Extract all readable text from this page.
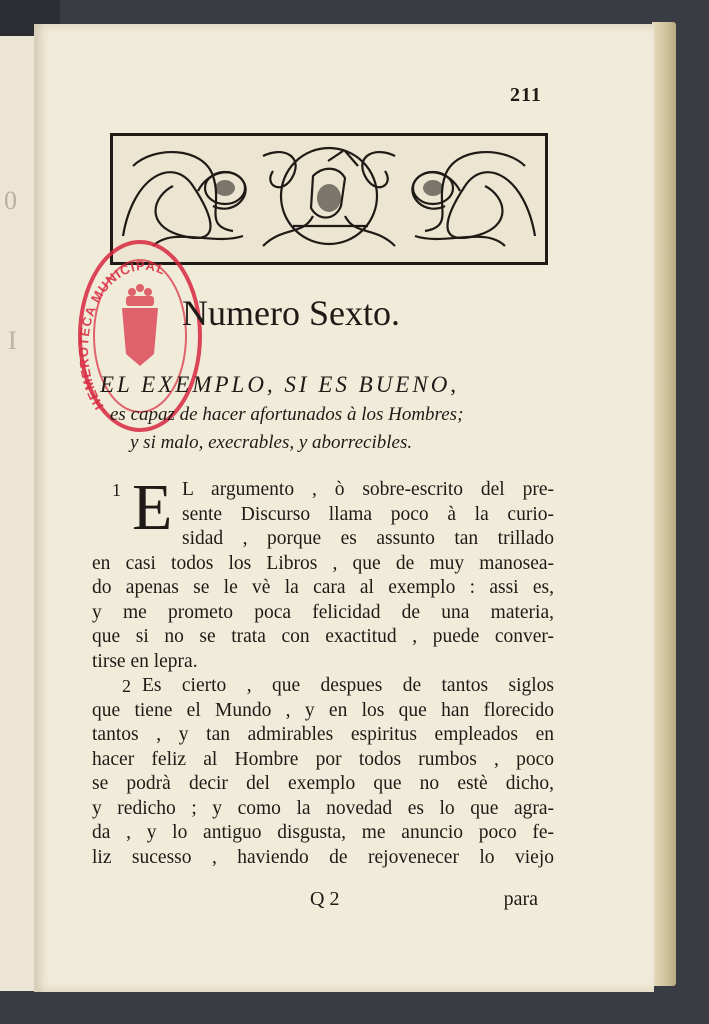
0
I

211
HEMEROTECA MUNICIPAL
Numero Sexto.
EL EXEMPLO, SI ES BUENO,
es capaz de hacer afortunados à los Hombres;
y si malo, execrables, y aborrecibles.
E
1	L argumento , ò sobre-escrito del pre-
sente Discurso llama poco à la curio-
sidad , porque es assunto tan trillado
en casi todos los Libros , que de muy manosea-
do apenas se le vè la cara al exemplo : assi es,
y me prometo poca felicidad de una materia,
que si no se trata con exactitud , puede conver-
tirse en lepra.
2 Es cierto , que despues de tantos siglos
que tiene el Mundo , y en los que han florecido
tantos , y tan admirables espiritus empleados en
hacer feliz al Hombre por todos rumbos , poco
se podrà decir del exemplo que no estè dicho,
y redicho ; y como la novedad es lo que agra-
da , y lo antiguo disgusta, me anuncio poco fe-
liz sucesso , haviendo de rejovenecer lo viejo
Q 2	para
